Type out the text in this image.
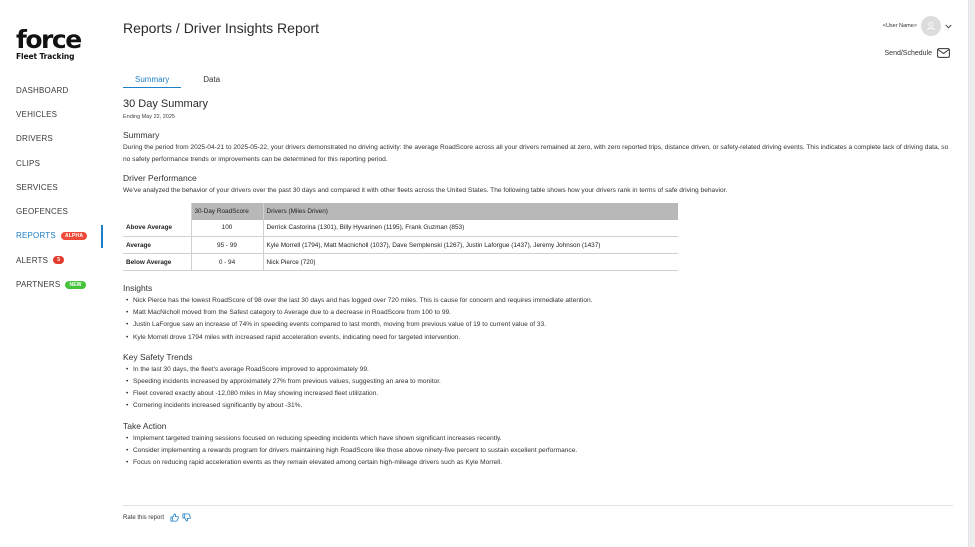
force
Fleet Tracking
DASHBOARD
VEHICLES
DRIVERS
CLIPS
SERVICES
GEOFENCES
REPORTS	ALPHA
ALERTS	5
PARTNERS	NEW
Reports / Driver Insights Report	<User Name>
Send/Schedule
Summary	Data
30 Day Summary
Ending May 22, 2025
Summary

During the period from 2025-04-21 to 2025-05-22, your drivers demonstrated no driving activity: the average RoadScore across all your drivers remained at zero, with zero reported trips, distance driven, or safety-related driving events. This indicates a complete lack of driving data, so no safety performance trends or improvements can be determined for this reporting period.

Driver Performance

We've analyzed the behavior of your drivers over the past 30 days and compared it with other fleets across the United States. The following table shows how your drivers rank in terms of safe driving behavior.

	30-Day RoadScore	Drivers (Miles Driven)
Above Average	100	Derrick Castorina (1301), Billy Hyvarinen (1195), Frank Guzman (853)
Average	95 - 99	Kyle Morrell (1794), Matt Macnicholl (1037), Dave Semplenski (1267), Justin Laforgue (1437), Jeremy Johnson (1437)
Below Average	0 - 94	Nick Pierce (720)
Insights
• Nick Pierce has the lowest RoadScore of 98 over the last 30 days and has logged over 720 miles. This is cause for concern and requires immediate attention.
• Matt MacNicholl moved from the Safest category to Average due to a decrease in RoadScore from 100 to 99.
• Justin LaForgue saw an increase of 74% in speeding events compared to last month, moving from previous value of 19 to current value of 33.
• Kyle Morrell drove 1794 miles with increased rapid acceleration events, indicating need for targeted intervention.
Key Safety Trends
• In the last 30 days, the fleet's average RoadScore improved to approximately 99.
• Speeding incidents increased by approximately 27% from previous values, suggesting an area to monitor.
• Fleet covered exactly about -12,080 miles in May showing increased fleet utilization.
• Cornering incidents increased significantly by about -31%.
Take Action
• Implement targeted training sessions focused on reducing speeding incidents which have shown significant increases recently.
• Consider implementing a rewards program for drivers maintaining high RoadScore like those above ninety-five percent to sustain excellent performance.
• Focus on reducing rapid acceleration events as they remain elevated among certain high-mileage drivers such as Kyle Morrell.
Rate this report
